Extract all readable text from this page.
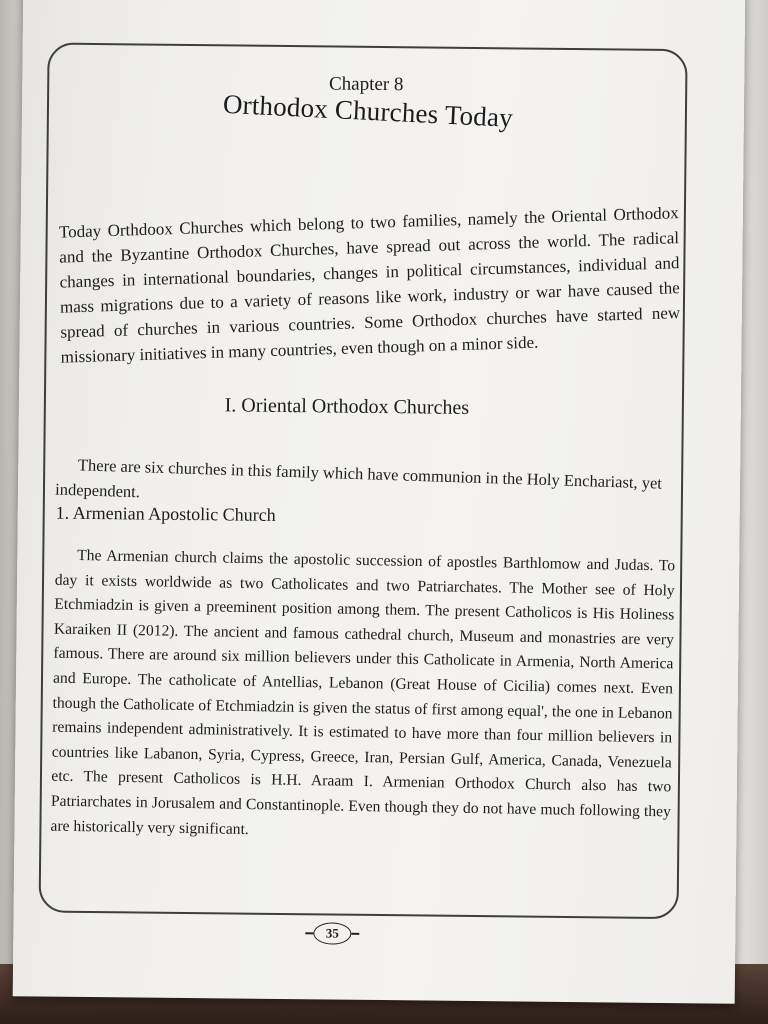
Chapter 8
Orthodox Churches Today

Today Orthdoox Churches which belong to two families, namely the Oriental Orthodox and the Byzantine Orthodox Churches, have spread out across the world. The radical changes in international boundaries, changes in political circumstances, individual and mass migrations due to a variety of reasons like work, industry or war have caused the spread of churches in various countries. Some Orthodox churches have started new missionary initiatives in many countries, even though on a minor side.

I. Oriental Orthodox Churches

There are six churches in this family which have communion in the Holy Enchariast, yet independent.

1. Armenian Apostolic Church

The Armenian church claims the apostolic succession of apostles Barthlomow and Judas. To day it exists worldwide as two Catholicates and two Patriarchates. The Mother see of Holy Etchmiadzin is given a preeminent position among them. The present Catholicos is His Holiness Karaiken II (2012). The ancient and famous cathedral church, Museum and monastries are very famous. There are around six million believers under this Catholicate in Armenia, North America and Europe. The catholicate of Antellias, Lebanon (Great House of Cicilia) comes next. Even though the Catholicate of Etchmiadzin is given the status of first among equal', the one in Lebanon remains independent administratively. It is estimated to have more than four million believers in countries like Labanon, Syria, Cypress, Greece, Iran, Persian Gulf, America, Canada, Venezuela etc. The present Catholicos is H.H. Araam I. Armenian Orthodox Church also has two Patriarchates in Jorusalem and Constantinople. Even though they do not have much following they are historically very significant.

35
